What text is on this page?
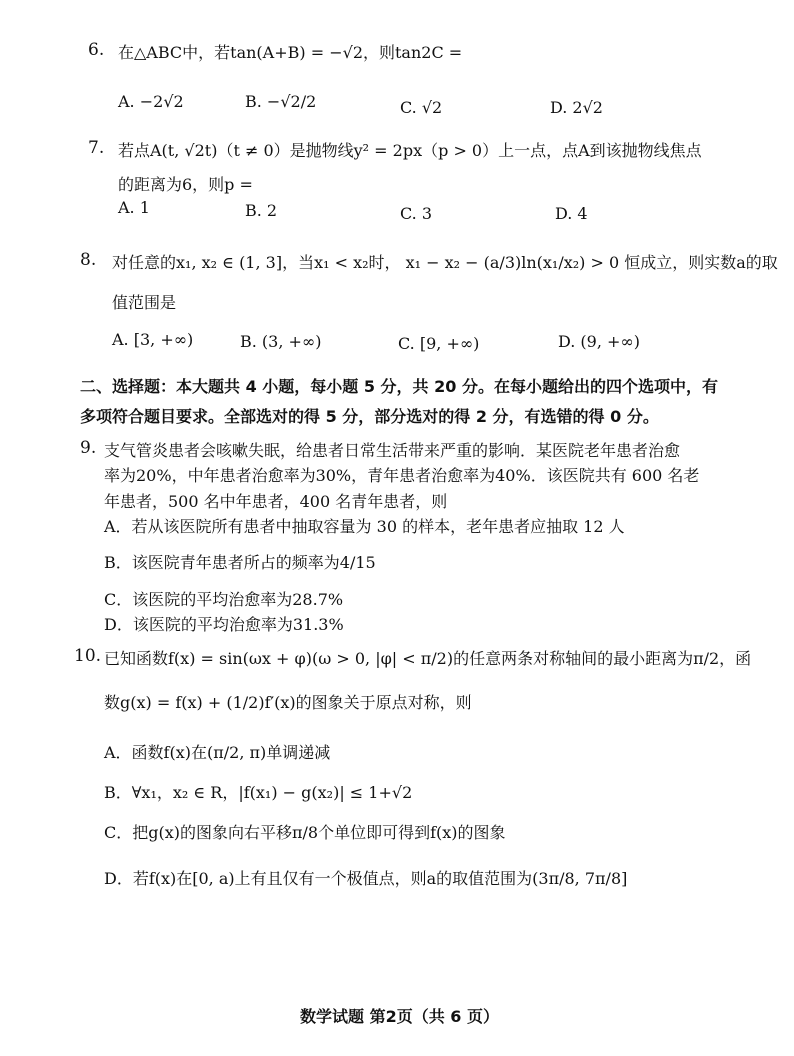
6. 在△ABC中，若tan(A+B) = −√2，则tan2C =
A. −2√2	B. −√2/2	C. √2	D. 2√2
7. 若点A(t, √2t)（t ≠ 0）是抛物线y² = 2px（p > 0）上一点，点A到该抛物线焦点
的距离为6，则p =
A. 1	B. 2	C. 3	D. 4
8. 对任意的x₁, x₂ ∈ (1, 3]，当x₁ < x₂时， x₁ − x₂ − (a/3)ln(x₁/x₂) > 0 恒成立，则实数a的取
值范围是
A. [3, +∞)	B. (3, +∞)	C. [9, +∞)	D. (9, +∞)
二、选择题：本大题共 4 小题，每小题 5 分，共 20 分。在每小题给出的四个选项中，有
多项符合题目要求。全部选对的得 5 分，部分选对的得 2 分，有选错的得 0 分。
9. 支气管炎患者会咳嗽失眠，给患者日常生活带来严重的影响．某医院老年患者治愈
率为20%，中年患者治愈率为30%，青年患者治愈率为40%．该医院共有 600 名老
年患者，500 名中年患者，400 名青年患者，则
A．若从该医院所有患者中抽取容量为 30 的样本，老年患者应抽取 12 人
B．该医院青年患者所占的频率为4/15
C．该医院的平均治愈率为28.7%
D．该医院的平均治愈率为31.3%
10. 已知函数f(x) = sin(ωx + φ)(ω > 0, |φ| < π/2)的任意两条对称轴间的最小距离为π/2，函
数g(x) = f(x) + (1/2)f′(x)的图象关于原点对称，则
A．函数f(x)在(π/2, π)单调递减
B．∀x₁，x₂ ∈ R，|f(x₁) − g(x₂)| ≤ 1+√2
C．把g(x)的图象向右平移π/8个单位即可得到f(x)的图象
D．若f(x)在[0, a)上有且仅有一个极值点，则a的取值范围为(3π/8, 7π/8]
数学试题 第2页（共 6 页）
